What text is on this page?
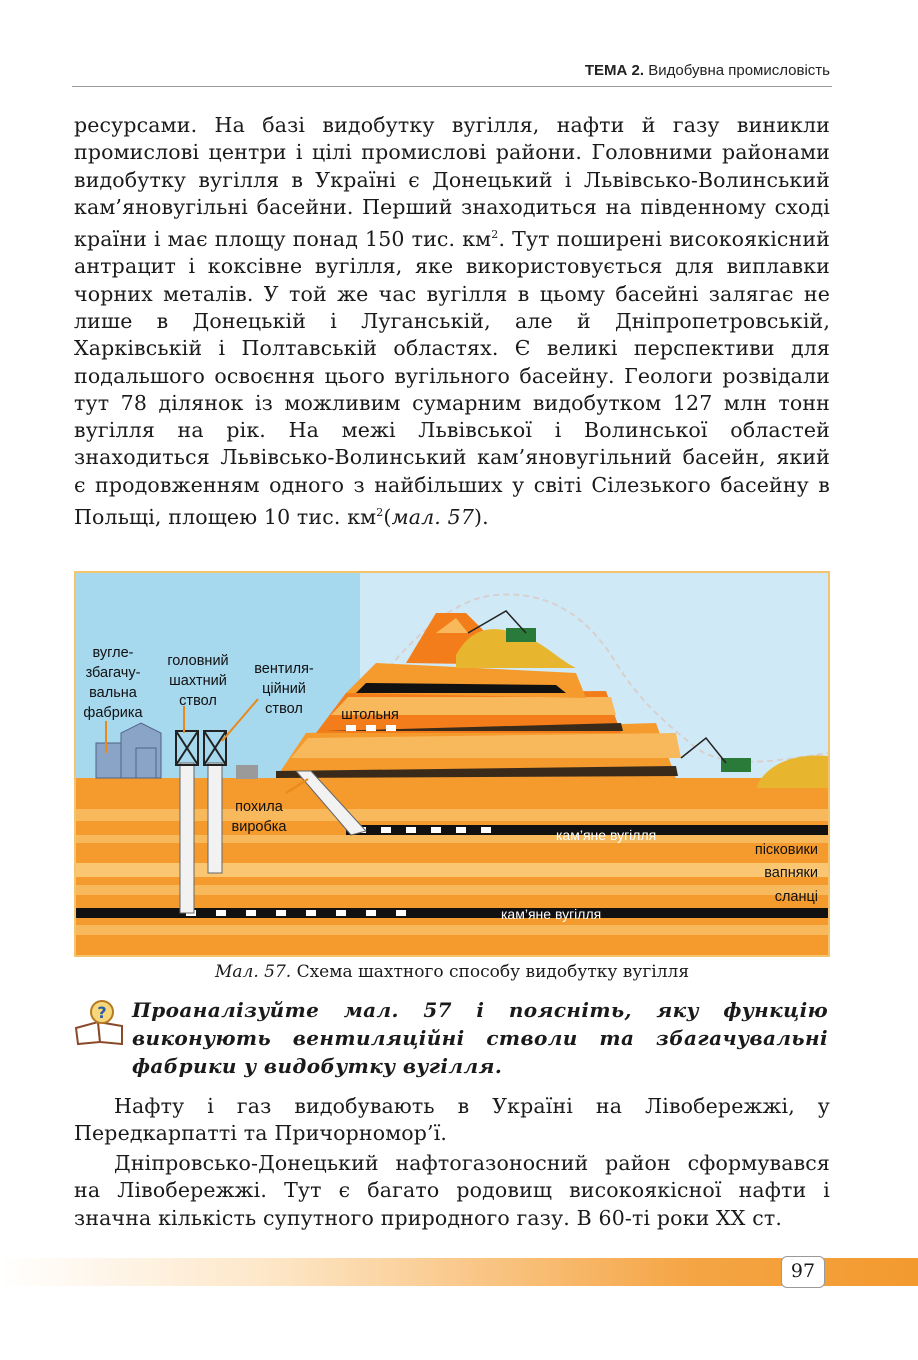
ТЕМА 2. Видобувна промисловість

ресурсами. На базі видобутку вугілля, нафти й газу виникли промислові центри і цілі промислові райони. Головними районами видобутку вугілля в Україні є Донецький і Львівсько-Волинський кам’яновугільні басейни. Перший знаходиться на південному сході країни і має площу понад 150 тис. $км^2$. Тут поширені високоякісний антрацит і коксівне вугілля, яке використовується для виплавки чорних металів. У той же час вугілля в цьому басейні залягає не лише в Донецькій і Луганській, але й Дніпропетровській, Харківській і Полтавській областях. Є великі перспективи для подальшого освоєння цього вугільного басейну. Геологи розвідали тут 78 ділянок із можливим сумарним видобутком 127 млн тонн вугілля на рік. На межі Львівської і Волинської областей знаходиться Львівсько-Волинський кам’яновугільний басейн, який є продовженням одного з найбільших у світі Сілезького басейну в Польщі, площею 10 тис. $км^2(мал$. 57).

вугле-
збагачу-
вальна
фабрика
головний
шахтний
ствол
вентиля-
ційний
ствол	штольня
похила
виробка	кам’яне вугілля
кам’яне вугілля
пісковики
вапняки
сланці
Мал. 57. Схема шахтного способу видобутку вугілля
? Проаналізуйте мал. 57 і поясніть, яку функцію виконують вентиляційні стволи та збагачувальні фабрики у видобутку вугілля.

Нафту і газ видобувають в Україні на Лівобережжі, у Передкарпатті та Причорномор’ї.

Дніпровсько-Донецький нафтогазоносний район сформувався на Лівобережжі. Тут є багато родовищ високоякісної нафти і значна кількість супутного природного газу. В 60-ті роки ХХ ст.

97
